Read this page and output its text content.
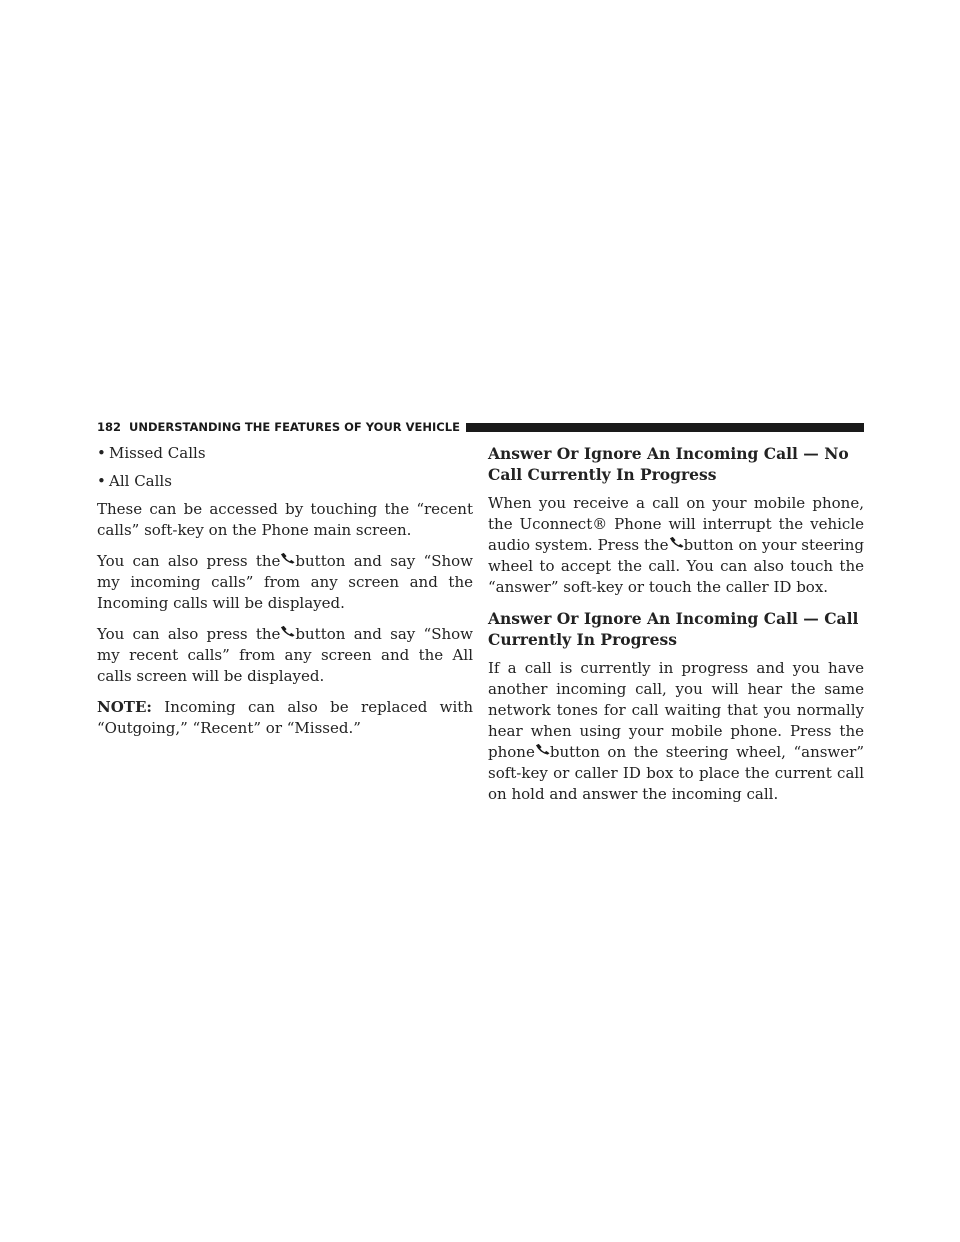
182 UNDERSTANDING THE FEATURES OF YOUR VEHICLE
• Missed Calls
• All Calls

These can be accessed by touching the “recent calls” soft-key on the Phone main screen.

You can also press the button and say “Show my incoming calls” from any screen and the Incoming calls will be displayed.

You can also press the button and say “Show my recent calls” from any screen and the All calls screen will be displayed.

NOTE: Incoming can also be replaced with “Outgoing,” “Recent” or “Missed.”

Answer Or Ignore An Incoming Call — No Call Currently In Progress

When you receive a call on your mobile phone, the Uconnect® Phone will interrupt the vehicle audio system. Press the button on your steering wheel to accept the call. You can also touch the “answer” soft-key or touch the caller ID box.

Answer Or Ignore An Incoming Call — Call Currently In Progress

If a call is currently in progress and you have another incoming call, you will hear the same network tones for call waiting that you normally hear when using your mobile phone. Press the phone button on the steering wheel, “answer” soft-key or caller ID box to place the current call on hold and answer the incoming call.
